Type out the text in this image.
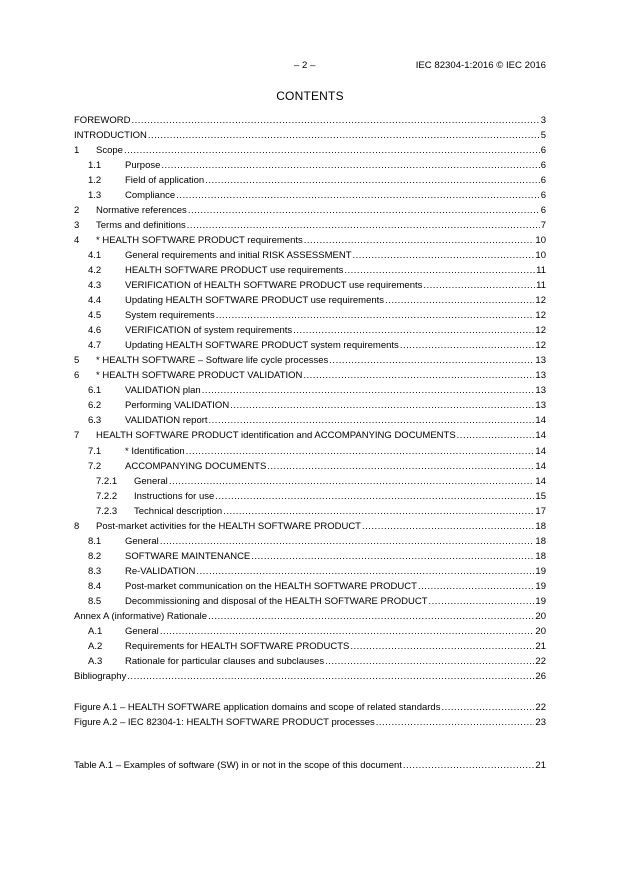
– 2 –	IEC 82304-1:2016 © IEC 2016
CONTENTS
FOREWORD .....	3
INTRODUCTION .....	5
1	Scope .....	6
1.1	Purpose .....	6
1.2	Field of application .....	6
1.3	Compliance .....	6
2	Normative references .....	6
3	Terms and definitions .....	7
4	* HEALTH SOFTWARE PRODUCT requirements .....	10
4.1	General requirements and initial RISK ASSESSMENT .....	10
4.2	HEALTH SOFTWARE PRODUCT use requirements .....	11
4.3	VERIFICATION of HEALTH SOFTWARE PRODUCT use requirements .....	11
4.4	Updating HEALTH SOFTWARE PRODUCT use requirements .....	12
4.5	System requirements .....	12
4.6	VERIFICATION of system requirements .....	12
4.7	Updating HEALTH SOFTWARE PRODUCT system requirements .....	12
5	* HEALTH SOFTWARE – Software life cycle processes .....	13
6	* HEALTH SOFTWARE PRODUCT VALIDATION .....	13
6.1	VALIDATION plan .....	13
6.2	Performing VALIDATION .....	13
6.3	VALIDATION report .....	14
7	HEALTH SOFTWARE PRODUCT identification and ACCOMPANYING DOCUMENTS .....	14
7.1	* Identification .....	14
7.2	ACCOMPANYING DOCUMENTS .....	14
7.2.1	General .....	14
7.2.2	Instructions for use .....	15
7.2.3	Technical description .....	17
8	Post-market activities for the HEALTH SOFTWARE PRODUCT .....	18
8.1	General .....	18
8.2	SOFTWARE MAINTENANCE .....	18
8.3	Re-VALIDATION .....	19
8.4	Post-market communication on the HEALTH SOFTWARE PRODUCT .....	19
8.5	Decommissioning and disposal of the HEALTH SOFTWARE PRODUCT .....	19
Annex A (informative) Rationale .....	20
A.1	General .....	20
A.2	Requirements for HEALTH SOFTWARE PRODUCTS .....	21
A.3	Rationale for particular clauses and subclauses .....	22
Bibliography .....	26
Figure A.1 – HEALTH SOFTWARE application domains and scope of related standards .....	22
Figure A.2 – IEC 82304-1: HEALTH SOFTWARE PRODUCT processes .....	23
Table A.1 – Examples of software (SW) in or not in the scope of this document .....	21
